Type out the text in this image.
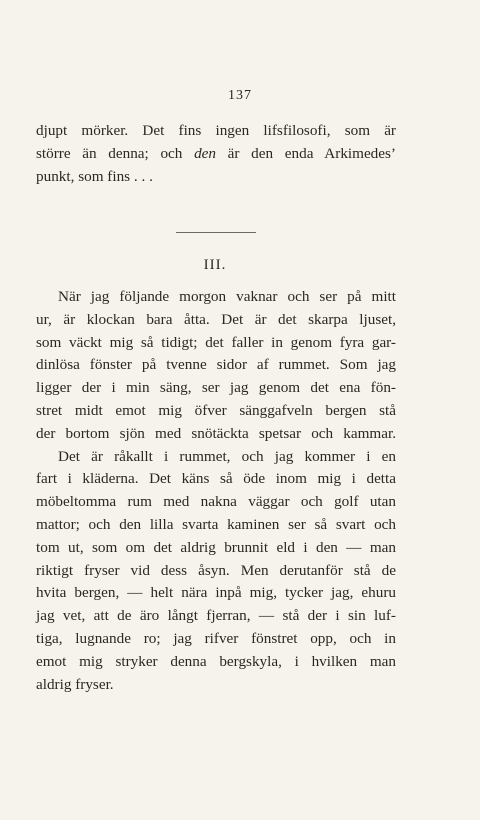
137
djupt mörker. Det fins ingen lifsfilosofi, som är
större än denna; och den är den enda Arkimedes’
punkt, som fins . . .
III.
När jag följande morgon vaknar och ser på mitt
ur, är klockan bara åtta. Det är det skarpa ljuset,
som väckt mig så tidigt; det faller in genom fyra gar-
dinlösa fönster på tvenne sidor af rummet. Som jag
ligger der i min säng, ser jag genom det ena fön-
stret midt emot mig öfver sänggafveln bergen stå
der bortom sjön med snötäckta spetsar och kammar.
Det är råkallt i rummet, och jag kommer i en
fart i kläderna. Det käns så öde inom mig i detta
möbeltomma rum med nakna väggar och golf utan
mattor; och den lilla svarta kaminen ser så svart och
tom ut, som om det aldrig brunnit eld i den — man
riktigt fryser vid dess åsyn. Men derutanför stå de
hvita bergen, — helt nära inpå mig, tycker jag, ehuru
jag vet, att de äro långt fjerran, — stå der i sin luf-
tiga, lugnande ro; jag rifver fönstret opp, och in
emot mig stryker denna bergskyla, i hvilken man
aldrig fryser.
